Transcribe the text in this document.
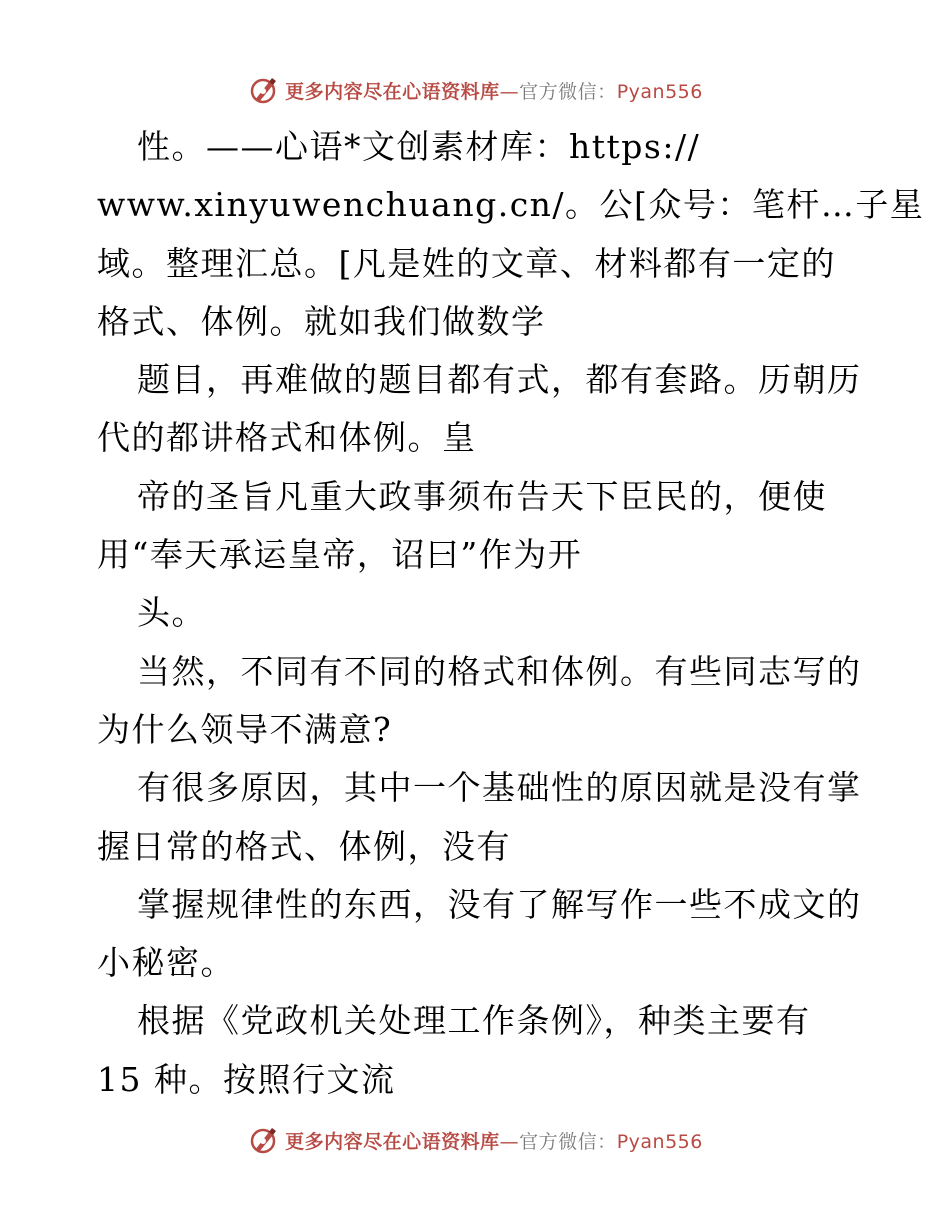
更多内容尽在心语资料库—官方微信：Pyan556
性。——心语*文创素材库：https://
www.xinyuwenchuang.cn/。公[众号：笔杆…子星
域。整理汇总。[凡是姓的文章、材料都有一定的
格式、体例。就如我们做数学
题目，再难做的题目都有式，都有套路。历朝历
代的都讲格式和体例。皇
帝的圣旨凡重大政事须布告天下臣民的，便使
用“奉天承运皇帝，诏曰”作为开
头。
当然，不同有不同的格式和体例。有些同志写的
为什么领导不满意?
有很多原因，其中一个基础性的原因就是没有掌
握日常的格式、体例，没有
掌握规律性的东西，没有了解写作一些不成文的
小秘密。
根据《党政机关处理工作条例》，种类主要有
15 种。按照行文流
更多内容尽在心语资料库—官方微信：Pyan556
